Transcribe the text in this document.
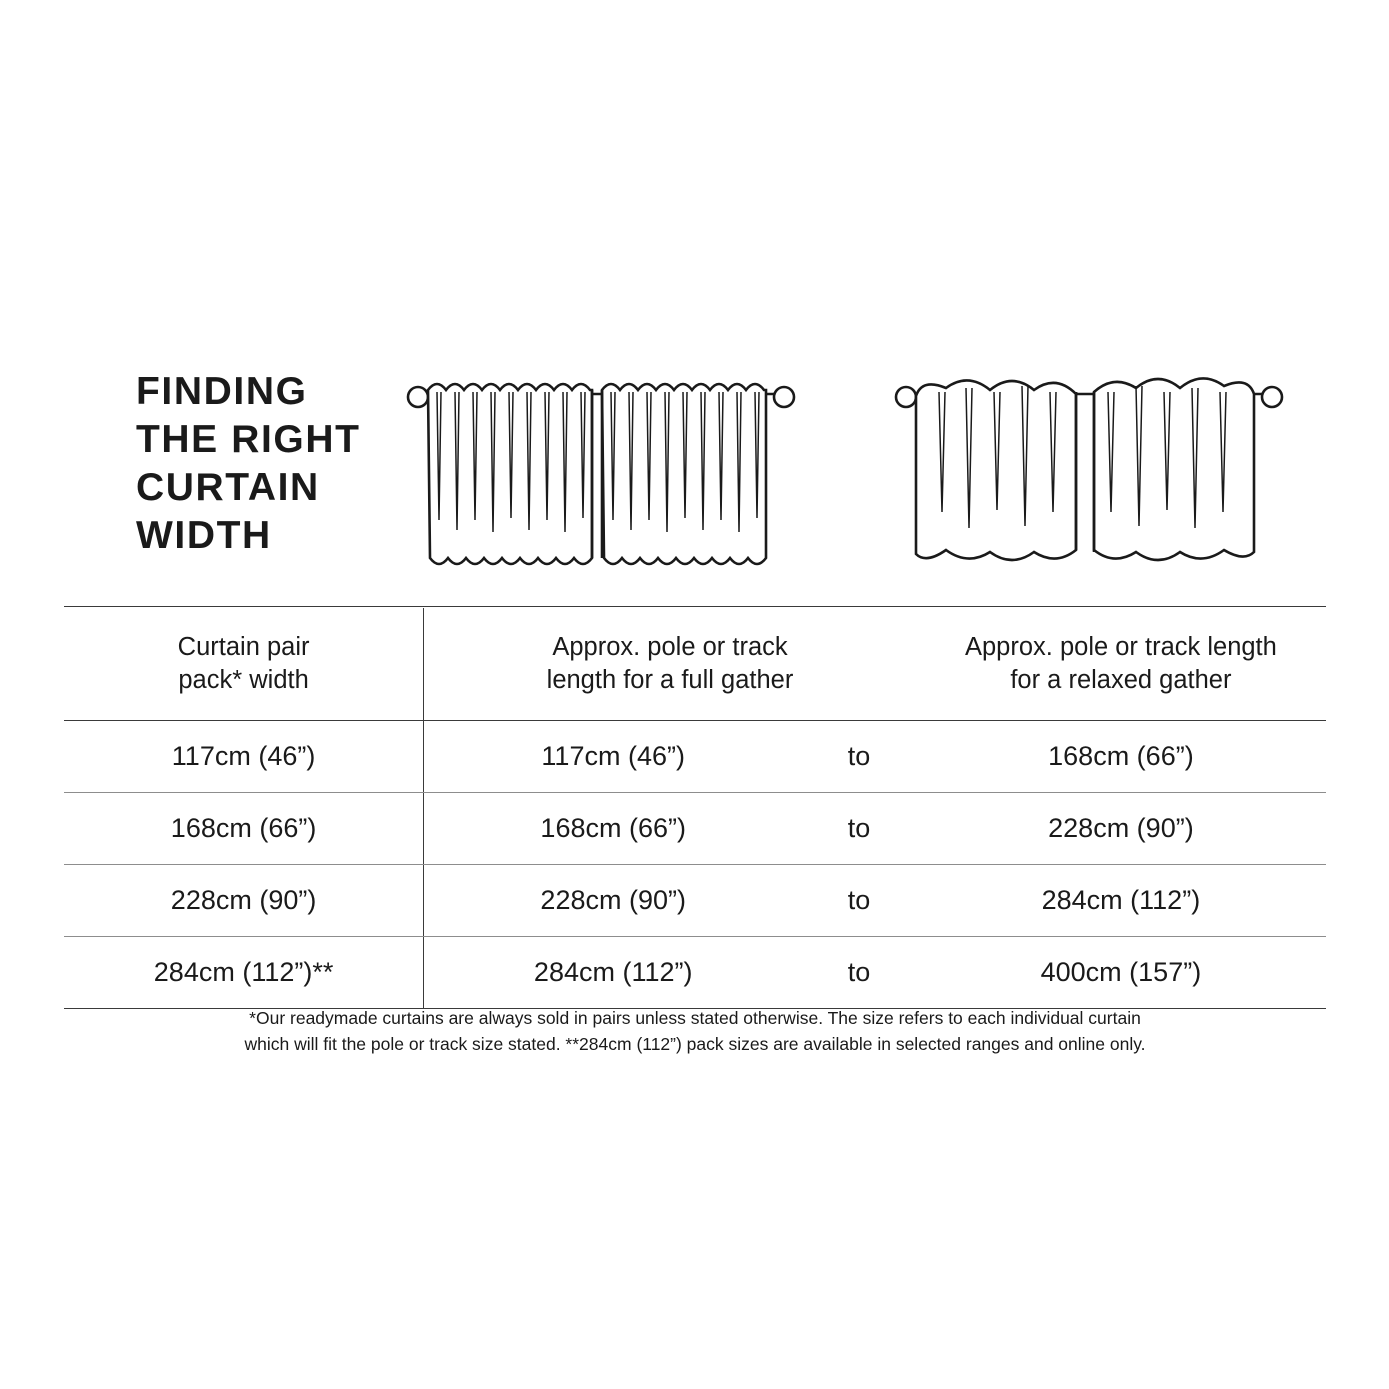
FINDING
THE RIGHT
CURTAIN
WIDTH
Curtain pair
pack* width

Approx. pole or track
length for a full gather

Approx. pole or track length
for a relaxed gather

117cm (46”)	117cm (46”)	to	168cm (66”)
168cm (66”)	168cm (66”)	to	228cm (90”)
228cm (90”)	228cm (90”)	to	284cm (112”)
284cm (112”)**	284cm (112”)	to	400cm (157”)
*Our readymade curtains are always sold in pairs unless stated otherwise. The size refers to each individual curtain
which will fit the pole or track size stated. **284cm (112”) pack sizes are available in selected ranges and online only.
